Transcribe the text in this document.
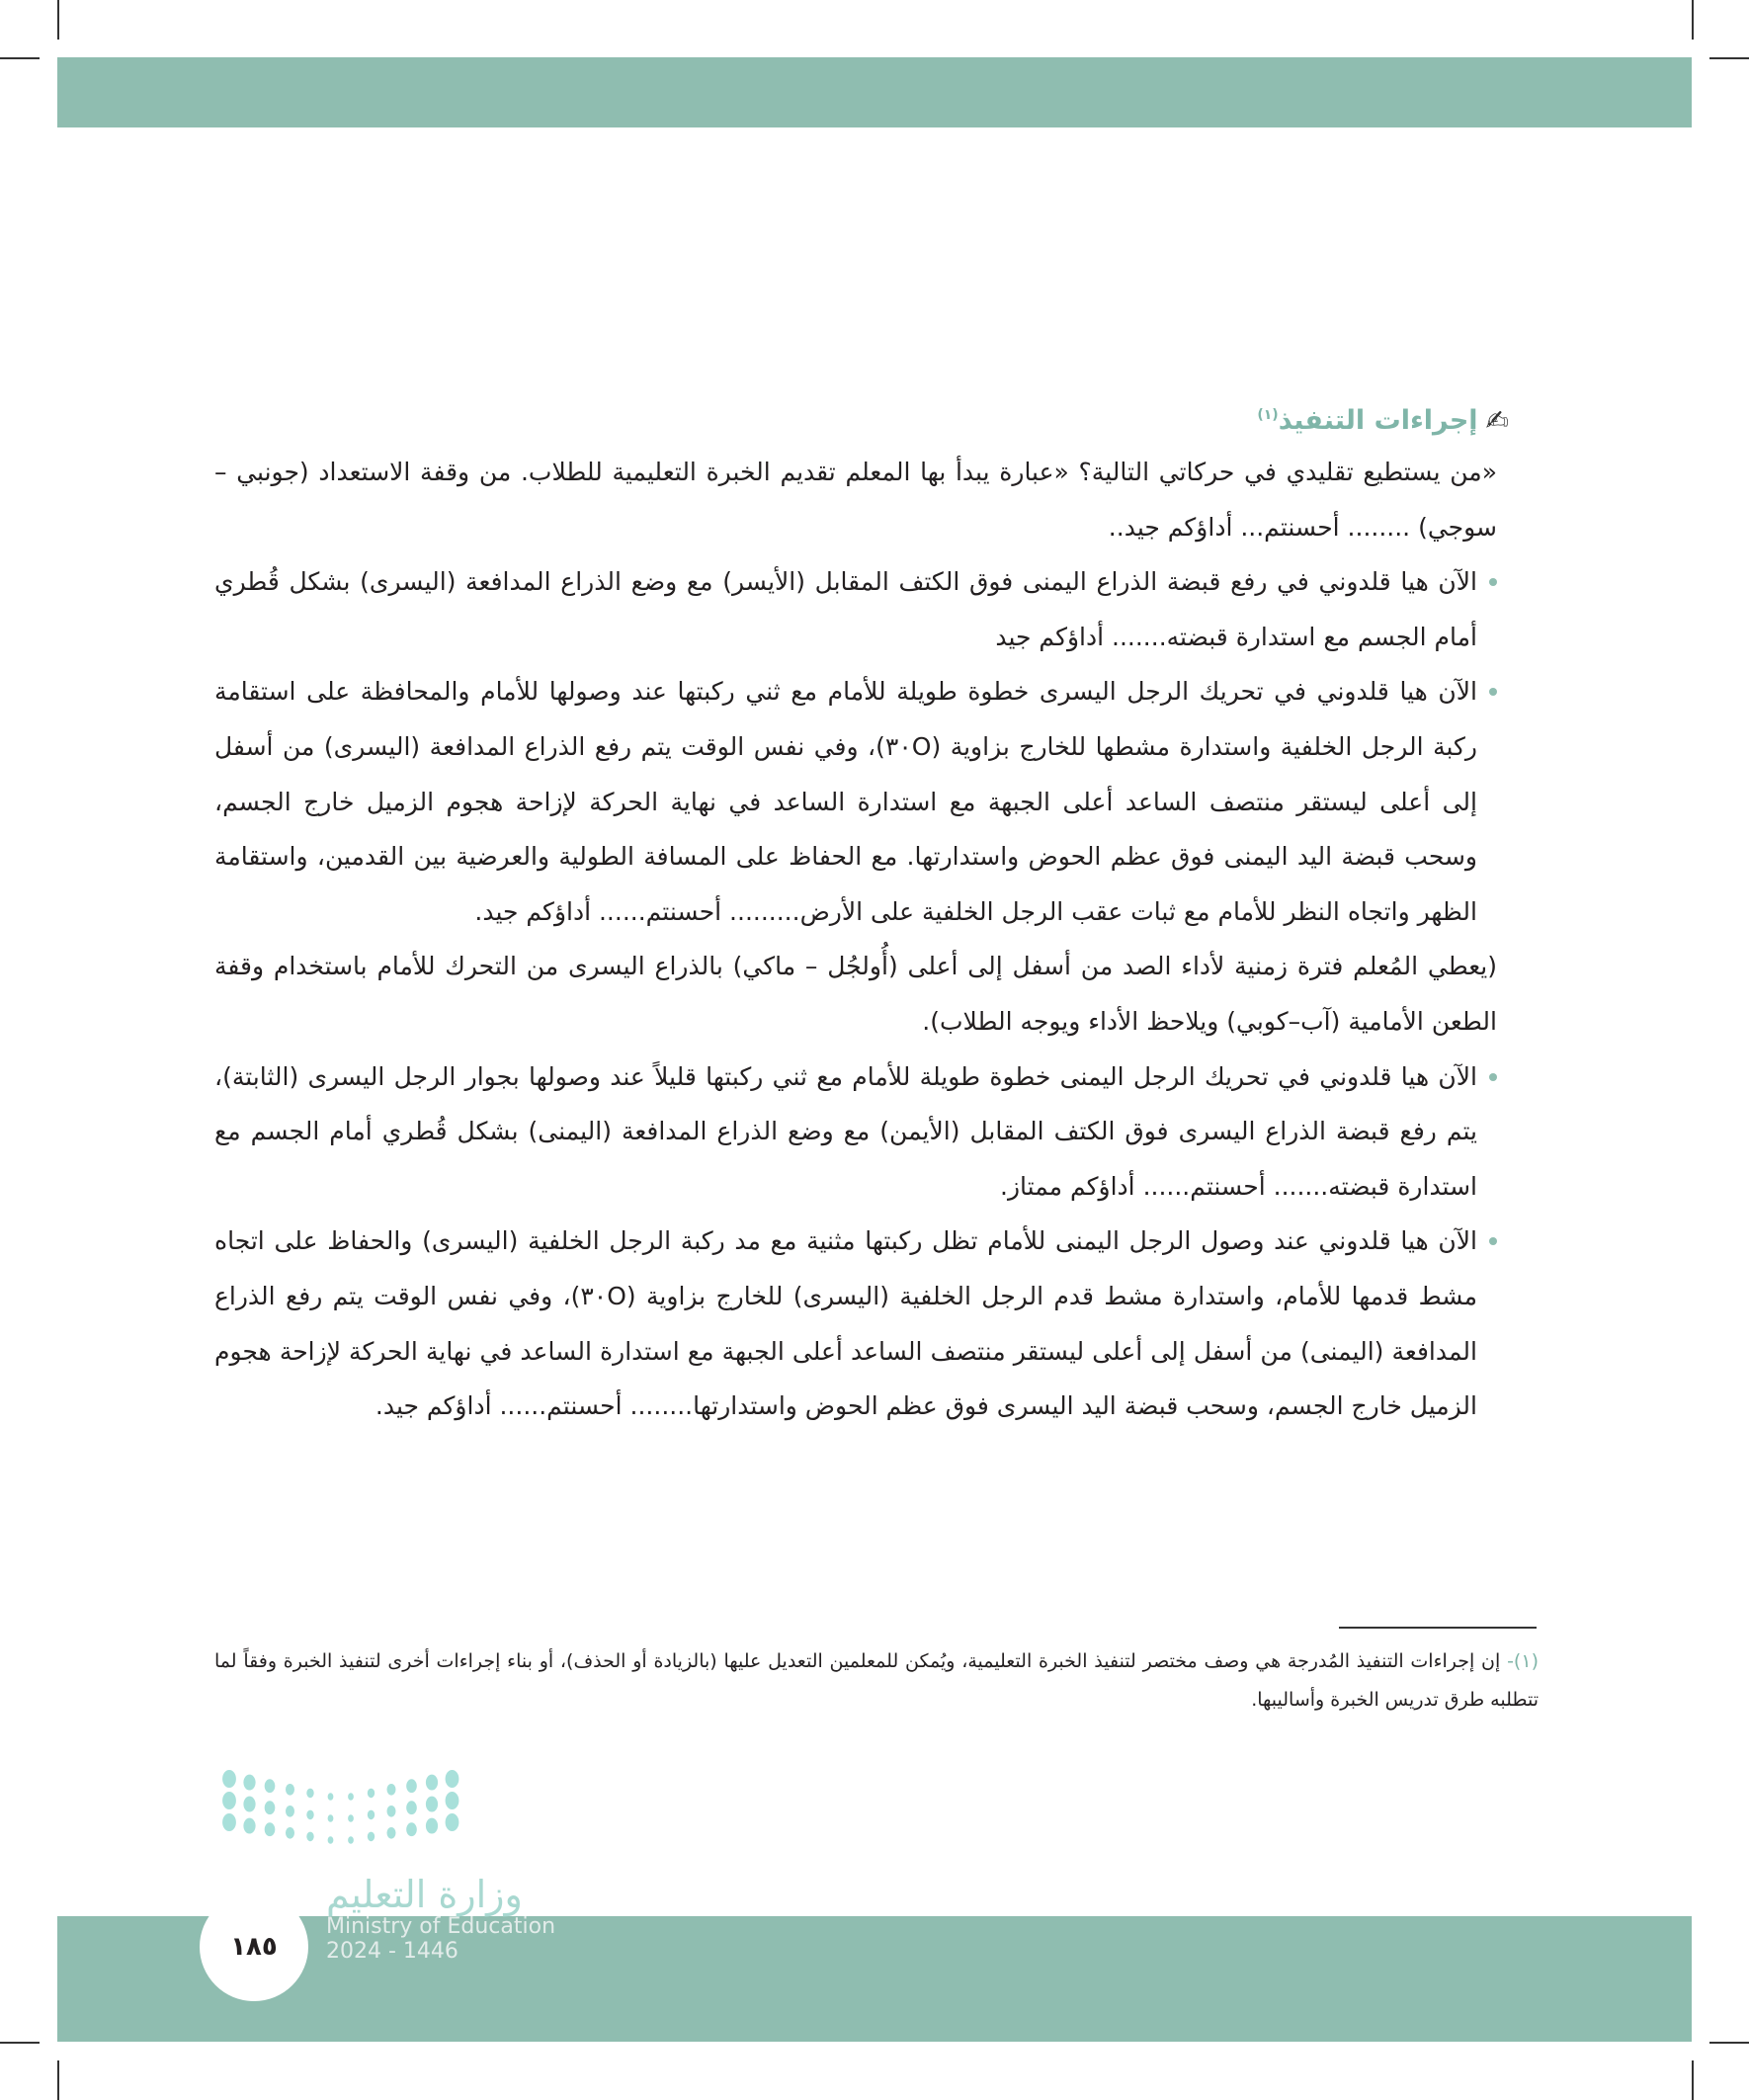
✍
إجراءات التنفيذ$^{(١)}$

«من يستطيع تقليدي في حركاتي التالية؟ «عبارة يبدأ بها المعلم تقديم الخبرة التعليمية للطلاب. من وقفة الاستعداد (جونبي – سوجي) ........ أحسنتم... أداؤكم جيد..

الآن هيا قلدوني في رفع قبضة الذراع اليمنى فوق الكتف المقابل (الأيسر) مع وضع الذراع المدافعة (اليسرى) بشكل قُطري أمام الجسم مع استدارة قبضته....... أداؤكم جيد

الآن هيا قلدوني في تحريك الرجل اليسرى خطوة طويلة للأمام مع ثني ركبتها عند وصولها للأمام والمحافظة على استقامة ركبة الرجل الخلفية واستدارة مشطها للخارج بزاوية (٣٠O)، وفي نفس الوقت يتم رفع الذراع المدافعة (اليسرى) من أسفل إلى أعلى ليستقر منتصف الساعد أعلى الجبهة مع استدارة الساعد في نهاية الحركة لإزاحة هجوم الزميل خارج الجسم، وسحب قبضة اليد اليمنى فوق عظم الحوض واستدارتها. مع الحفاظ على المسافة الطولية والعرضية بين القدمين، واستقامة الظهر واتجاه النظر للأمام مع ثبات عقب الرجل الخلفية على الأرض......... أحسنتم...... أداؤكم جيد.

(يعطي المُعلم فترة زمنية لأداء الصد من أسفل إلى أعلى (أُولجُل – ماكي) بالذراع اليسرى من التحرك للأمام باستخدام وقفة الطعن الأمامية (آب–كوبي) ويلاحظ الأداء ويوجه الطلاب).

الآن هيا قلدوني في تحريك الرجل اليمنى خطوة طويلة للأمام مع ثني ركبتها قليلاً عند وصولها بجوار الرجل اليسرى (الثابتة)، يتم رفع قبضة الذراع اليسرى فوق الكتف المقابل (الأيمن) مع وضع الذراع المدافعة (اليمنى) بشكل قُطري أمام الجسم مع استدارة قبضته....... أحسنتم...... أداؤكم ممتاز.

الآن هيا قلدوني عند وصول الرجل اليمنى للأمام تظل ركبتها مثنية مع مد ركبة الرجل الخلفية (اليسرى) والحفاظ على اتجاه مشط قدمها للأمام، واستدارة مشط قدم الرجل الخلفية (اليسرى) للخارج بزاوية (٣٠O)، وفي نفس الوقت يتم رفع الذراع المدافعة (اليمنى) من أسفل إلى أعلى ليستقر منتصف الساعد أعلى الجبهة مع استدارة الساعد في نهاية الحركة لإزاحة هجوم الزميل خارج الجسم، وسحب قبضة اليد اليسرى فوق عظم الحوض واستدارتها........ أحسنتم...... أداؤكم جيد.

(١)- إن إجراءات التنفيذ المُدرجة هي وصف مختصر لتنفيذ الخبرة التعليمية، ويُمكن للمعلمين التعديل عليها (بالزيادة أو الحذف)، أو بناء إجراءات أخرى لتنفيذ الخبرة وفقاً لما تتطلبه طرق تدريس الخبرة وأساليبها.
١٨٥
وزارة التعليم
Ministry of Education
2024 - 1446
